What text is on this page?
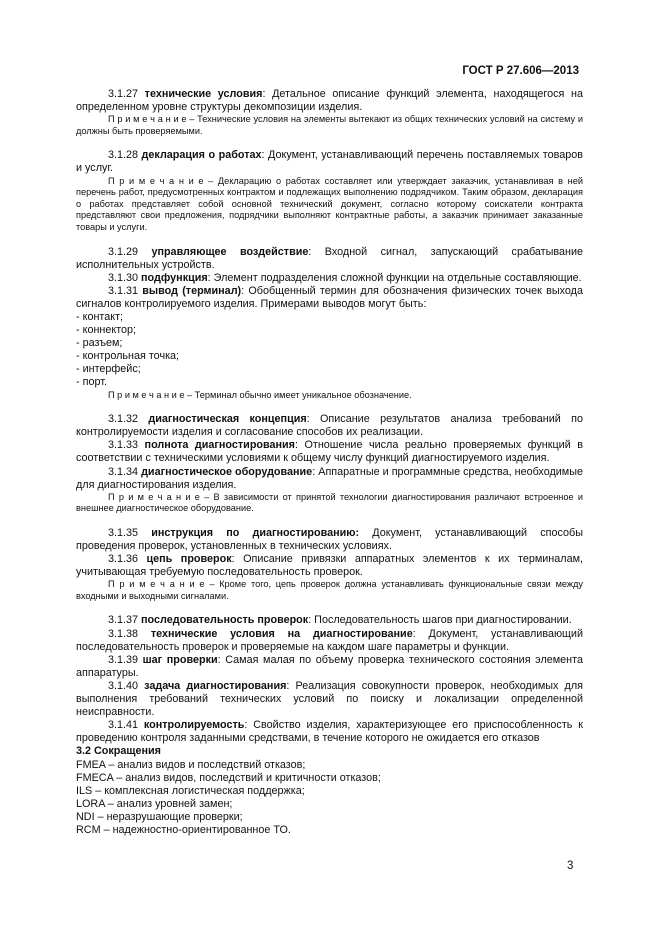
ГОСТ Р 27.606—2013

3.1.27 технические условия: Детальное описание функций элемента, находящегося на определенном уровне структуры декомпозиции изделия.

П р и м е ч а н и е – Технические условия на элементы вытекают из общих технических условий на систему и должны быть проверяемыми.

3.1.28 декларация о работах: Документ, устанавливающий перечень поставляемых товаров и услуг.

П р и м е ч а н и е – Декларацию о работах составляет или утверждает заказчик, устанавливая в ней перечень работ, предусмотренных контрактом и подлежащих выполнению подрядчиком. Таким образом, декларация о работах представляет собой основной технический документ, согласно которому соискатели контракта представляют свои предложения, подрядчики выполняют контрактные работы, а заказчик принимает заказанные товары и услуги.

3.1.29 управляющее воздействие: Входной сигнал, запускающий срабатывание исполнительных устройств.

3.1.30 подфункция: Элемент подразделения сложной функции на отдельные составляющие.

3.1.31 вывод (терминал): Обобщенный термин для обозначения физических точек выхода сигналов контролируемого изделия. Примерами выводов могут быть:

- контакт;

- коннектор;

- разъем;

- контрольная точка;

- интерфейс;

- порт.

П р и м е ч а н и е – Терминал обычно имеет уникальное обозначение.

3.1.32 диагностическая концепция: Описание результатов анализа требований по контролируемости изделия и согласование способов их реализации.

3.1.33 полнота диагностирования: Отношение числа реально проверяемых функций в соответствии с техническими условиями к общему числу функций диагностируемого изделия.

3.1.34 диагностическое оборудование: Аппаратные и программные средства, необходимые для диагностирования изделия.

П р и м е ч а н и е – В зависимости от принятой технологии диагностирования различают встроенное и внешнее диагностическое оборудование.

3.1.35 инструкция по диагностированию: Документ, устанавливающий способы проведения проверок, установленных в технических условиях.

3.1.36 цепь проверок: Описание привязки аппаратных элементов к их терминалам, учитывающая требуемую последовательность проверок.

П р и м е ч а н и е – Кроме того, цепь проверок должна устанавливать функциональные связи между входными и выходными сигналами.

3.1.37 последовательность проверок: Последовательность шагов при диагностировании.

3.1.38 технические условия на диагностирование: Документ, устанавливающий последовательность проверок и проверяемые на каждом шаге параметры и функции.

3.1.39 шаг проверки: Самая малая по объему проверка технического состояния элемента аппаратуры.

3.1.40 задача диагностирования: Реализация совокупности проверок, необходимых для выполнения требований технических условий по поиску и локализации определенной неисправности.

3.1.41 контролируемость: Свойство изделия, характеризующее его приспособленность к проведению контроля заданными средствами, в течение которого не ожидается его отказов

3.2 Сокращения

FMEA – анализ видов и последствий отказов;

FMECA – анализ видов, последствий и критичности отказов;

ILS – комплексная логистическая поддержка;

LORA – анализ уровней замен;

NDI – неразрушающие проверки;

RCM – надежностно-ориентированное ТО.

3
